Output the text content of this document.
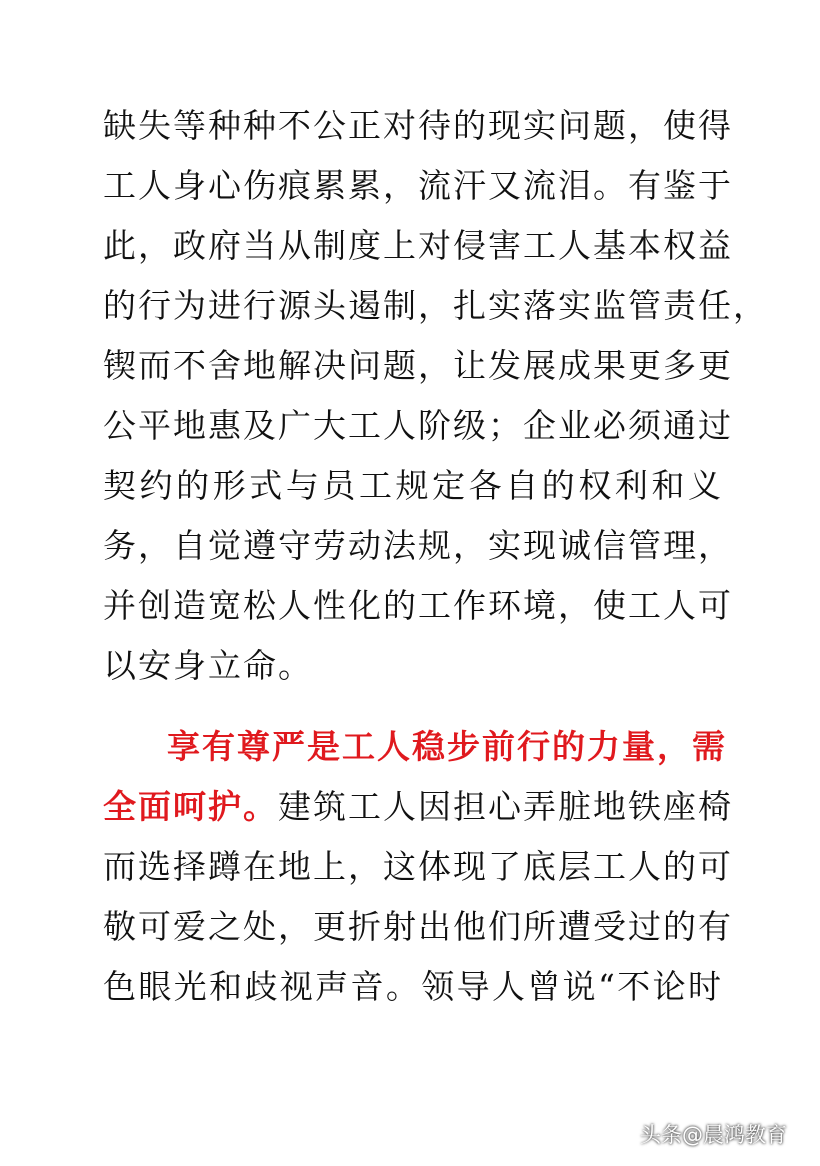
缺失等种种不公正对待的现实问题，使得
工人身心伤痕累累，流汗又流泪。有鉴于
此，政府当从制度上对侵害工人基本权益
的行为进行源头遏制，扎实落实监管责任，
锲而不舍地解决问题，让发展成果更多更
公平地惠及广大工人阶级；企业必须通过
契约的形式与员工规定各自的权利和义
务，自觉遵守劳动法规，实现诚信管理，
并创造宽松人性化的工作环境，使工人可
以安身立命。
享有尊严是工人稳步前行的力量，需
全面呵护。建筑工人因担心弄脏地铁座椅
而选择蹲在地上，这体现了底层工人的可
敬可爱之处，更折射出他们所遭受过的有
色眼光和歧视声音。领导人曾说“不论时
头条@晨鸿教育
